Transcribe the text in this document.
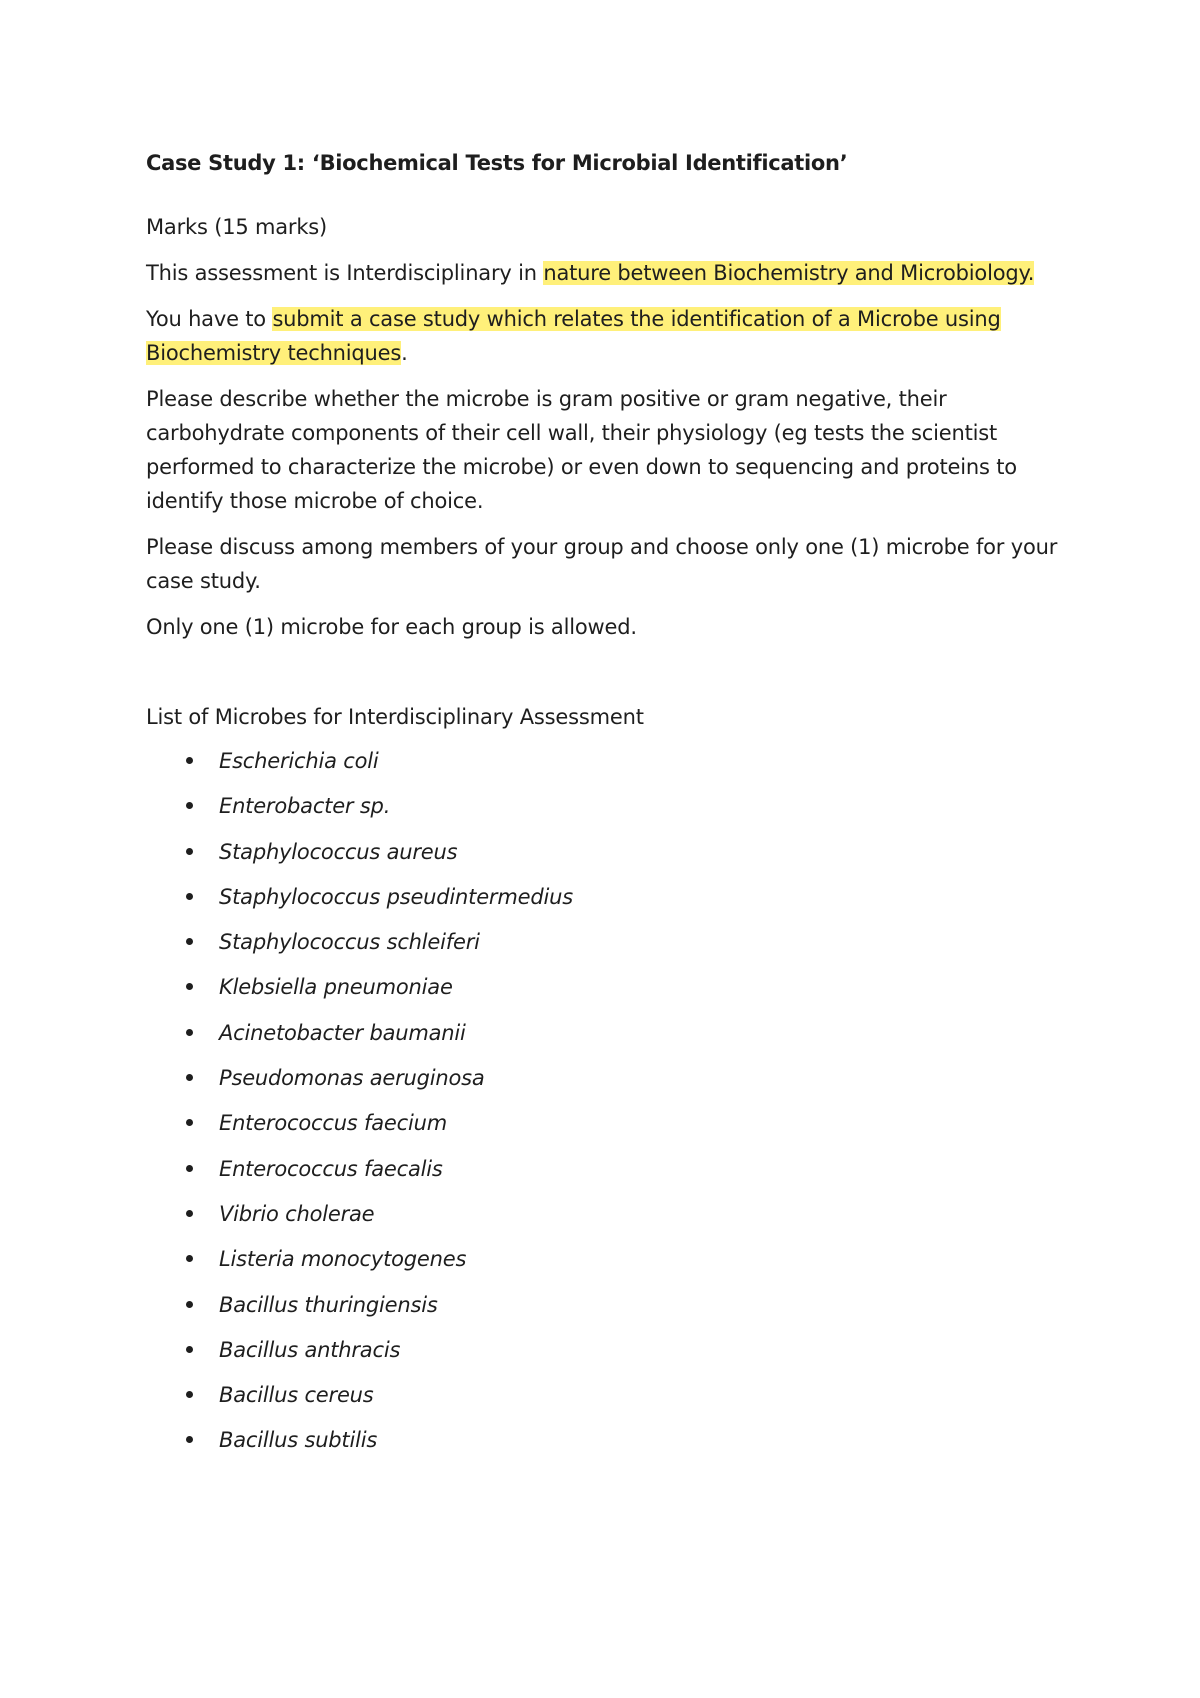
Case Study 1: ‘Biochemical Tests for Microbial Identification’

Marks (15 marks)

This assessment is Interdisciplinary in nature between Biochemistry and Microbiology.

You have to submit a case study which relates the identification of a Microbe using Biochemistry techniques.

Please describe whether the microbe is gram positive or gram negative, their carbohydrate components of their cell wall, their physiology (eg tests the scientist performed to characterize the microbe) or even down to sequencing and proteins to identify those microbe of choice.

Please discuss among members of your group and choose only one (1) microbe for your case study.

Only one (1) microbe for each group is allowed.

List of Microbes for Interdisciplinary Assessment

Escherichia coli
Enterobacter sp.
Staphylococcus aureus
Staphylococcus pseudintermedius
Staphylococcus schleiferi
Klebsiella pneumoniae
Acinetobacter baumanii
Pseudomonas aeruginosa
Enterococcus faecium
Enterococcus faecalis
Vibrio cholerae
Listeria monocytogenes
Bacillus thuringiensis
Bacillus anthracis
Bacillus cereus
Bacillus subtilis
